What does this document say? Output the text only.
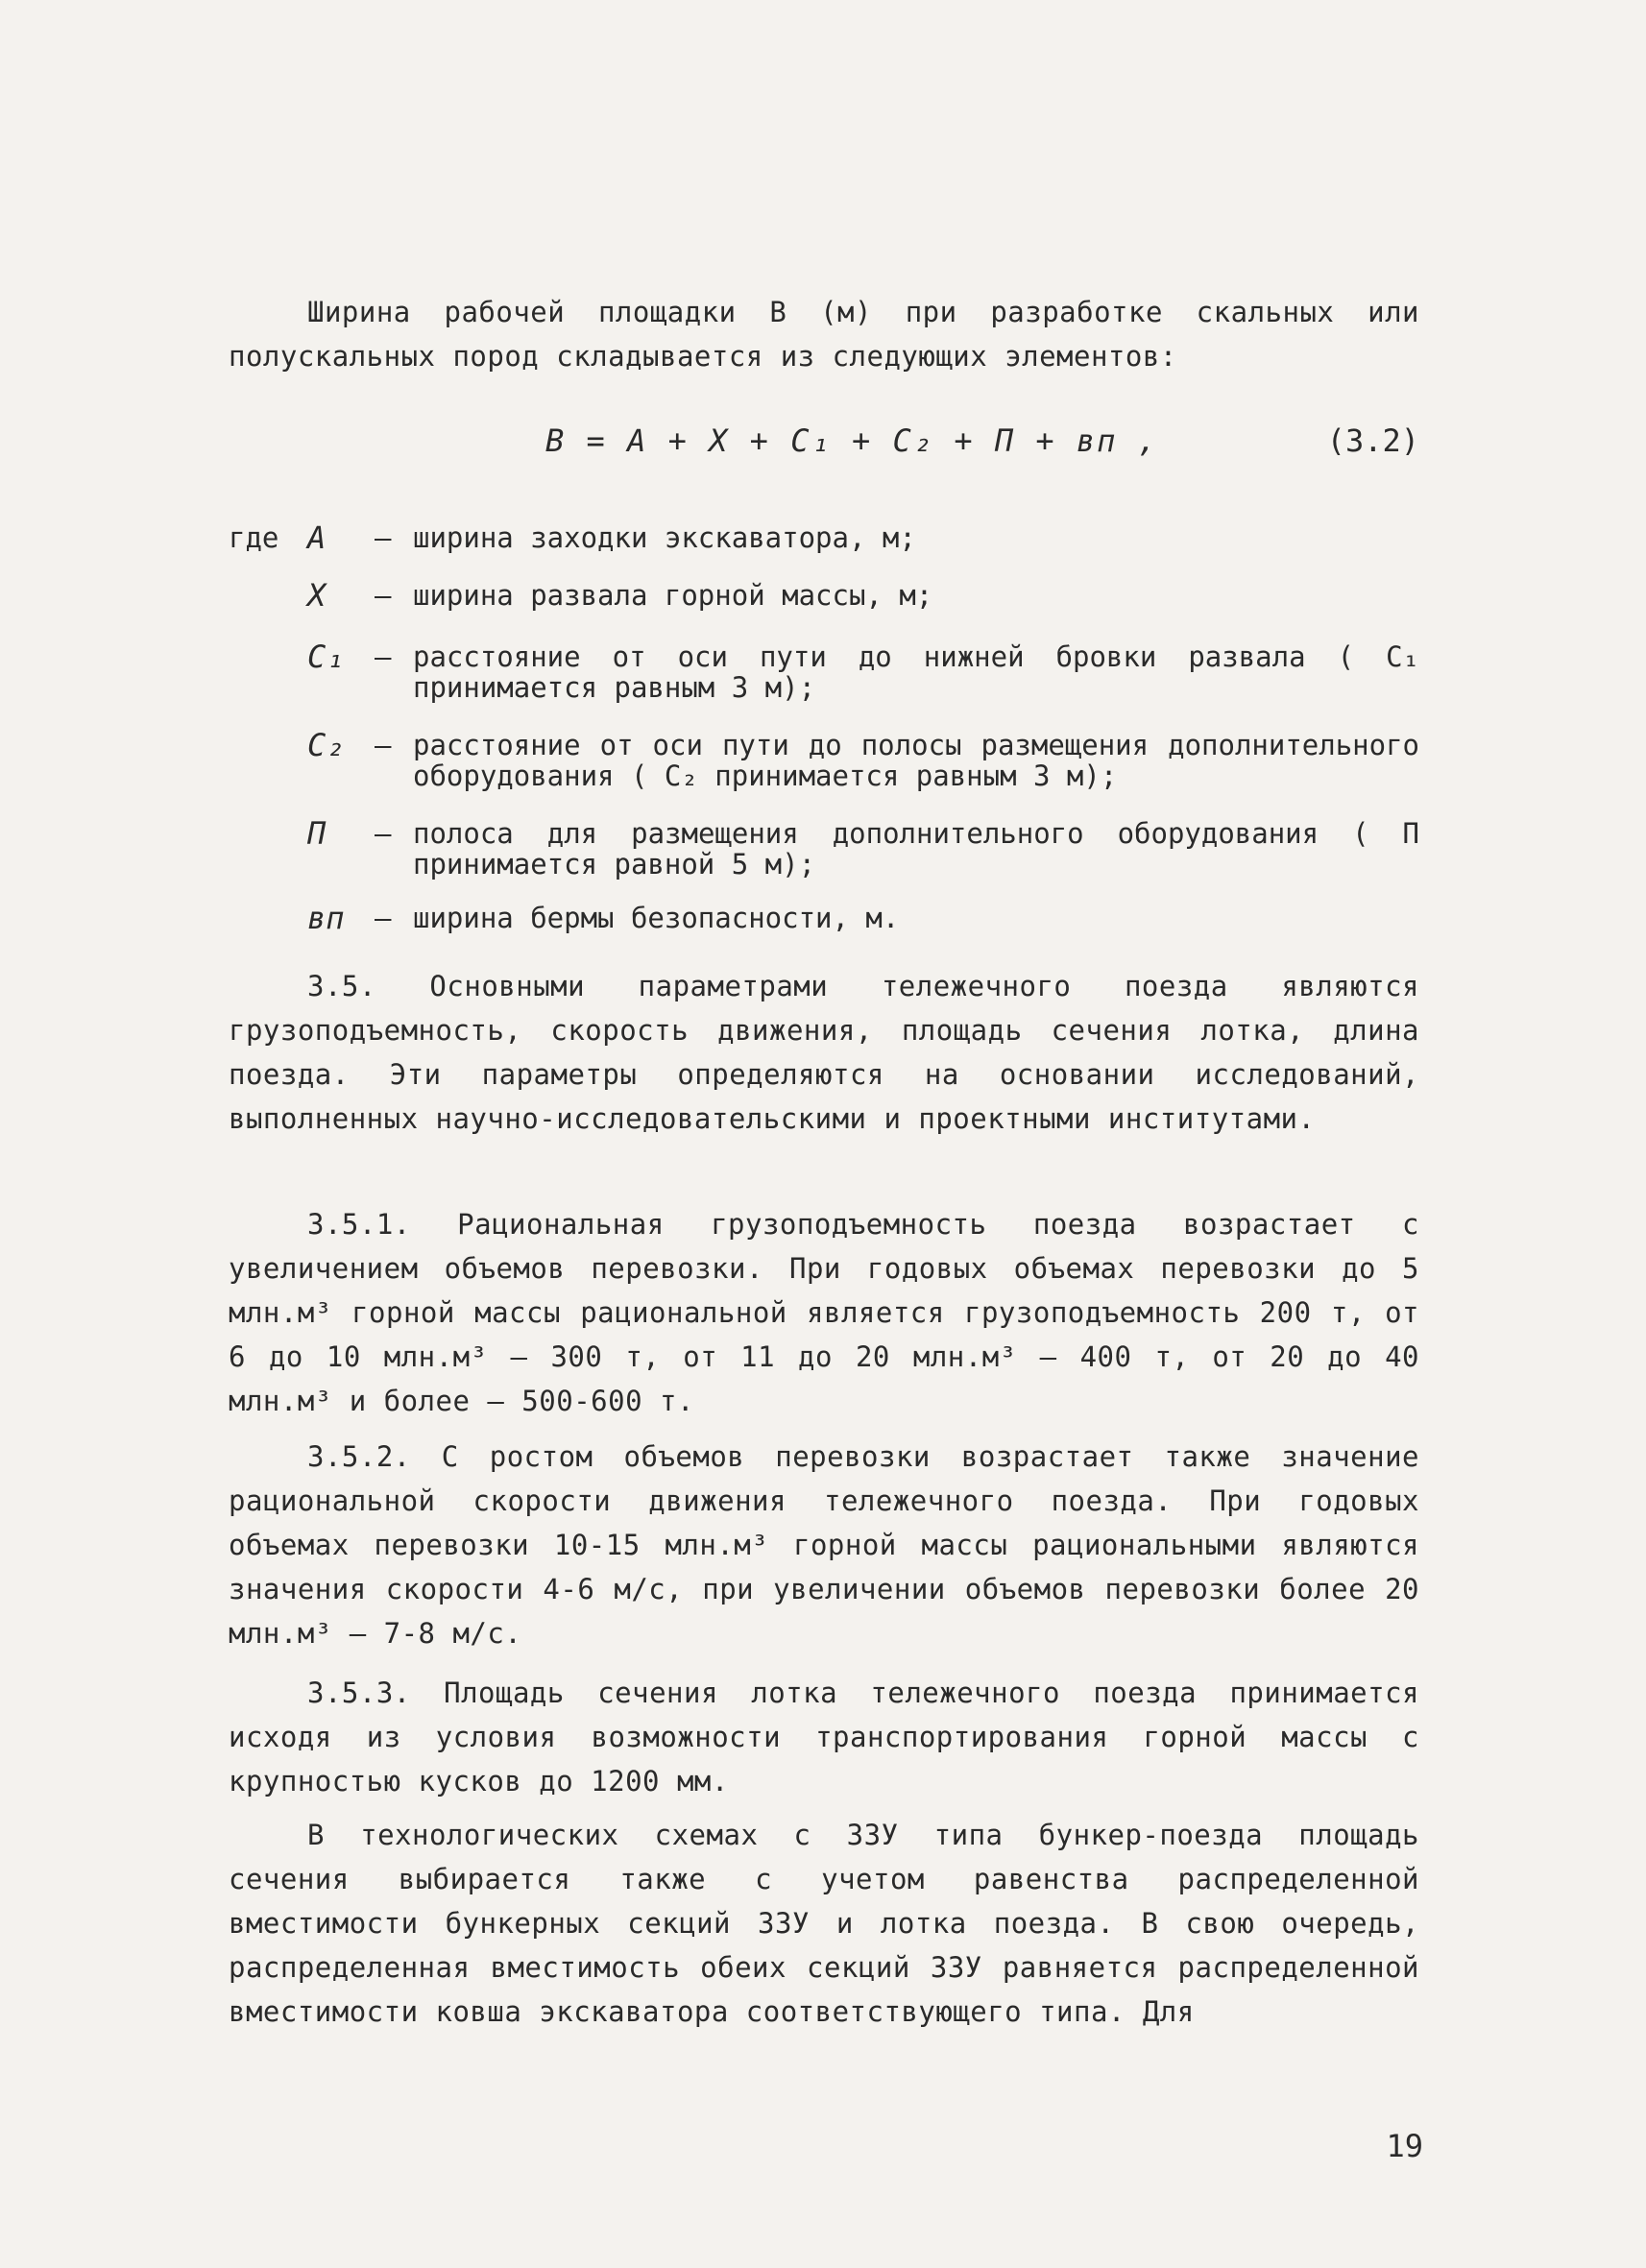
Ширина рабочей площадки В (м) при разработке скальных или полускальных пород складывается из следующих элементов:

В = А + Х + С₁ + С₂ + П + вп ,	(3.2)
где А – ширина заходки экскаватора, м;
Х – ширина развала горной массы, м;
С₁ – расстояние от оси пути до нижней бровки развала ( С₁ принимается равным 3 м);
С₂ – расстояние от оси пути до полосы размещения дополнительного оборудования ( С₂ принимается равным 3 м);
П – полоса для размещения дополнительного оборудования ( П принимается равной 5 м);
вп – ширина бермы безопасности, м.

3.5. Основными параметрами тележечного поезда являются грузоподъемность, скорость движения, площадь сечения лотка, длина поезда. Эти параметры определяются на основании исследований, выполненных научно-исследовательскими и проектными институтами.

3.5.1. Рациональная грузоподъемность поезда возрастает с увеличением объемов перевозки. При годовых объемах перевозки до 5 млн.м³ горной массы рациональной является грузоподъемность 200 т, от 6 до 10 млн.м³ – 300 т, от 11 до 20 млн.м³ – 400 т, от 20 до 40 млн.м³ и более – 500-600 т.

3.5.2. С ростом объемов перевозки возрастает также значение рациональной скорости движения тележечного поезда. При годовых объемах перевозки 10-15 млн.м³ горной массы рациональными являются значения скорости 4-6 м/с, при увеличении объемов перевозки более 20 млн.м³ – 7-8 м/с.

3.5.3. Площадь сечения лотка тележечного поезда принимается исходя из условия возможности транспортирования горной массы с крупностью кусков до 1200 мм.

В технологических схемах с ЗЗУ типа бункер-поезда площадь сечения выбирается также с учетом равенства распределенной вместимости бункерных секций ЗЗУ и лотка поезда. В свою очередь, распределенная вместимость обеих секций ЗЗУ равняется распределенной вместимости ковша экскаватора соответствующего типа. Для

19
